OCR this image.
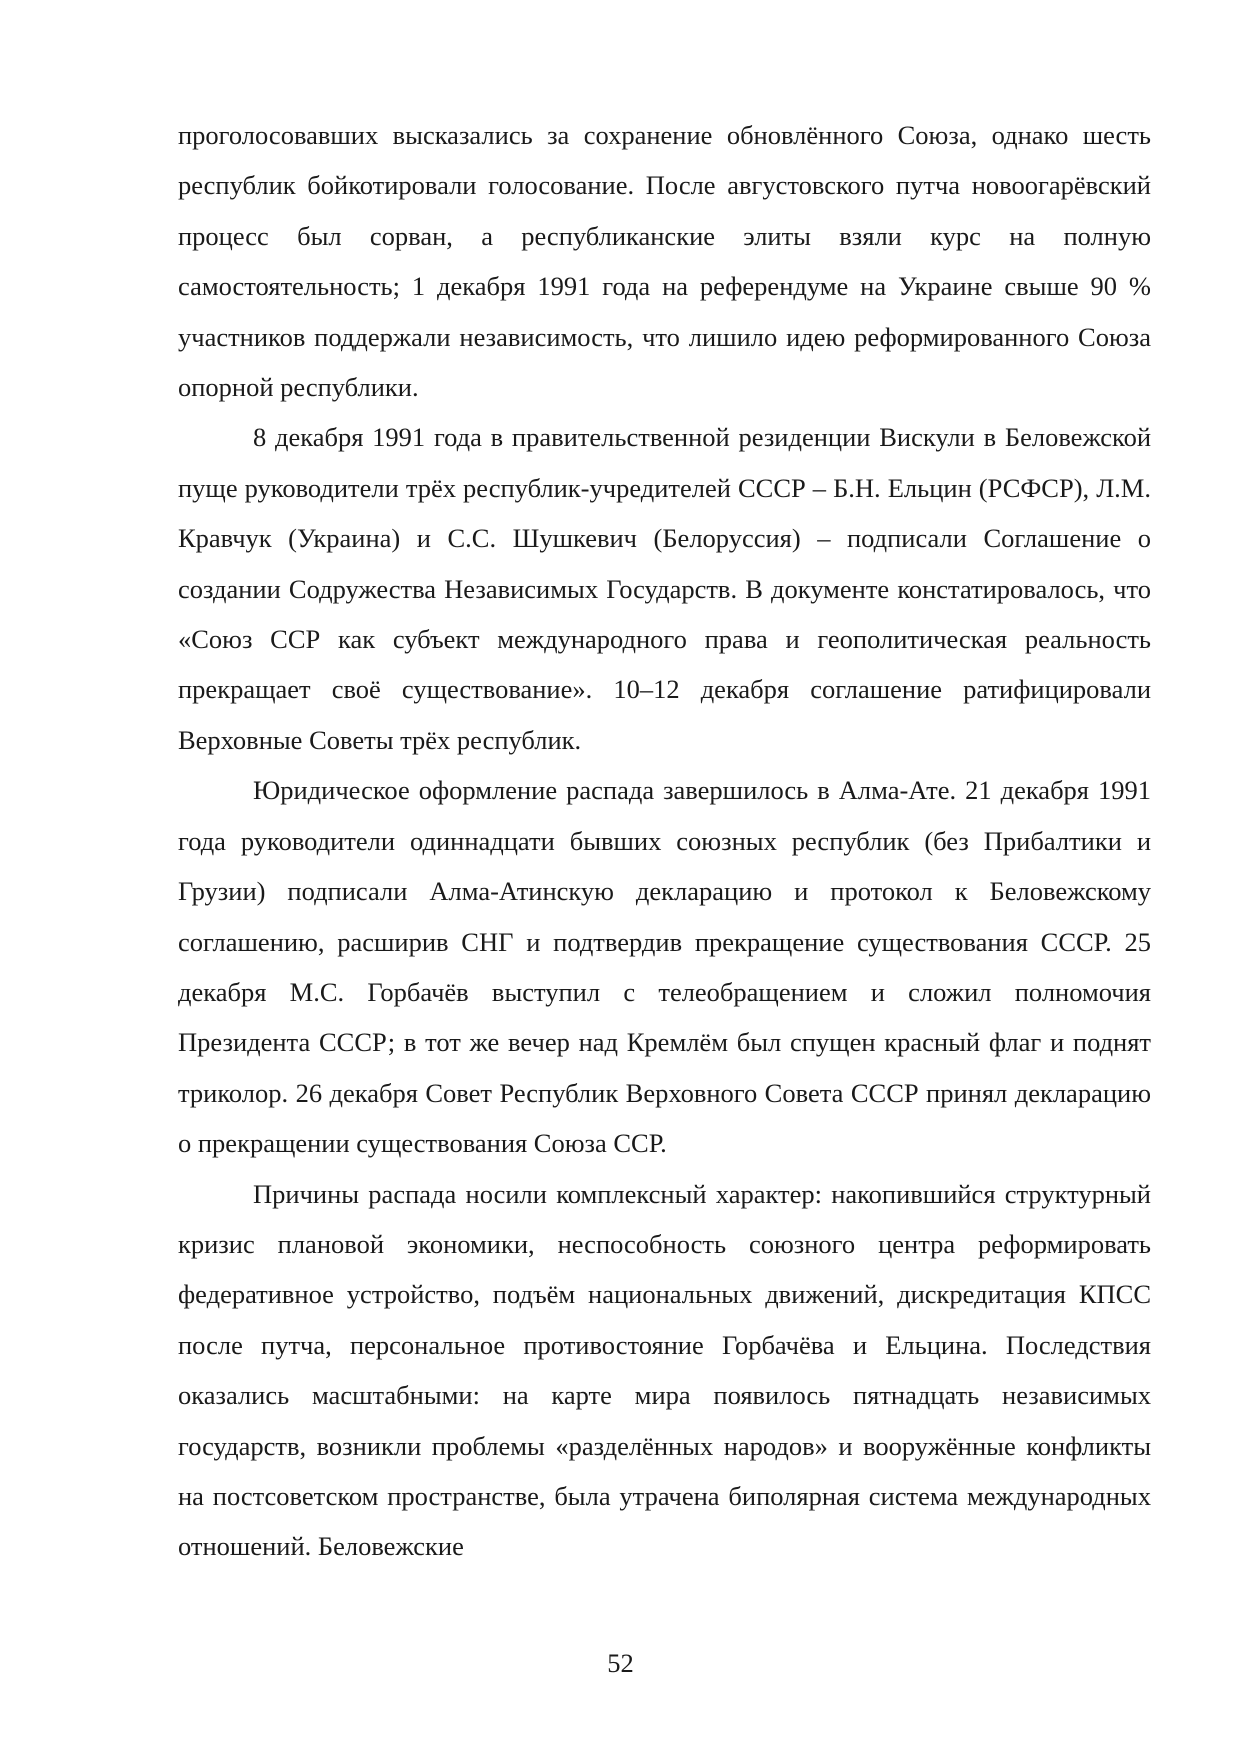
проголосовавших высказались за сохранение обновлённого Союза, однако шесть республик бойкотировали голосование. После августовского путча новоогарёвский процесс был сорван, а республиканские элиты взяли курс на полную самостоятельность; 1 декабря 1991 года на референдуме на Украине свыше 90 % участников поддержали независимость, что лишило идею реформированного Союза опорной республики.

8 декабря 1991 года в правительственной резиденции Вискули в Беловежской пуще руководители трёх республик-учредителей СССР – Б.Н. Ельцин (РСФСР), Л.М. Кравчук (Украина) и С.С. Шушкевич (Белоруссия) – подписали Соглашение о создании Содружества Независимых Государств. В документе констатировалось, что «Союз ССР как субъект международного права и геополитическая реальность прекращает своё существование». 10–12 декабря соглашение ратифицировали Верховные Советы трёх республик.

Юридическое оформление распада завершилось в Алма-Ате. 21 декабря 1991 года руководители одиннадцати бывших союзных республик (без Прибалтики и Грузии) подписали Алма-Атинскую декларацию и протокол к Беловежскому соглашению, расширив СНГ и подтвердив прекращение существования СССР. 25 декабря М.С. Горбачёв выступил с телеобращением и сложил полномочия Президента СССР; в тот же вечер над Кремлём был спущен красный флаг и поднят триколор. 26 декабря Совет Республик Верховного Совета СССР принял декларацию о прекращении существования Союза ССР.

Причины распада носили комплексный характер: накопившийся структурный кризис плановой экономики, неспособность союзного центра реформировать федеративное устройство, подъём национальных движений, дискредитация КПСС после путча, персональное противостояние Горбачёва и Ельцина. Последствия оказались масштабными: на карте мира появилось пятнадцать независимых государств, возникли проблемы «разделённых народов» и вооружённые конфликты на постсоветском пространстве, была утрачена биполярная система международных отношений. Беловежские

52
